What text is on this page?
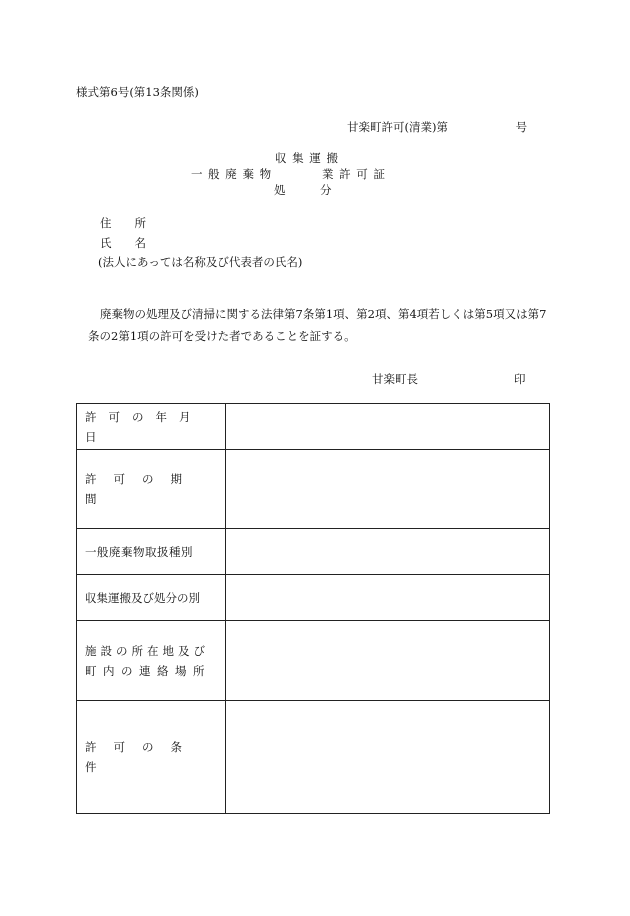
様式第6号(第13条関係)
甘楽町許可(清業)第	号
収 集 運 搬
一 般 廃 棄 物	業 許 可 証
処　　　分
住　　所
氏　　名
(法人にあっては名称及び代表者の氏名)
廃棄物の処理及び清掃に関する法律第7条第1項、第2項、第4項若しくは第5項又は第7条の2第1項の許可を受けた者であることを証する。
甘楽町長	印
許可の年月日	
許可の期間	
一般廃棄物取扱種別	
収集運搬及び処分の別	

施設の所在地及び
町内の連絡場所	

許可の条件	
